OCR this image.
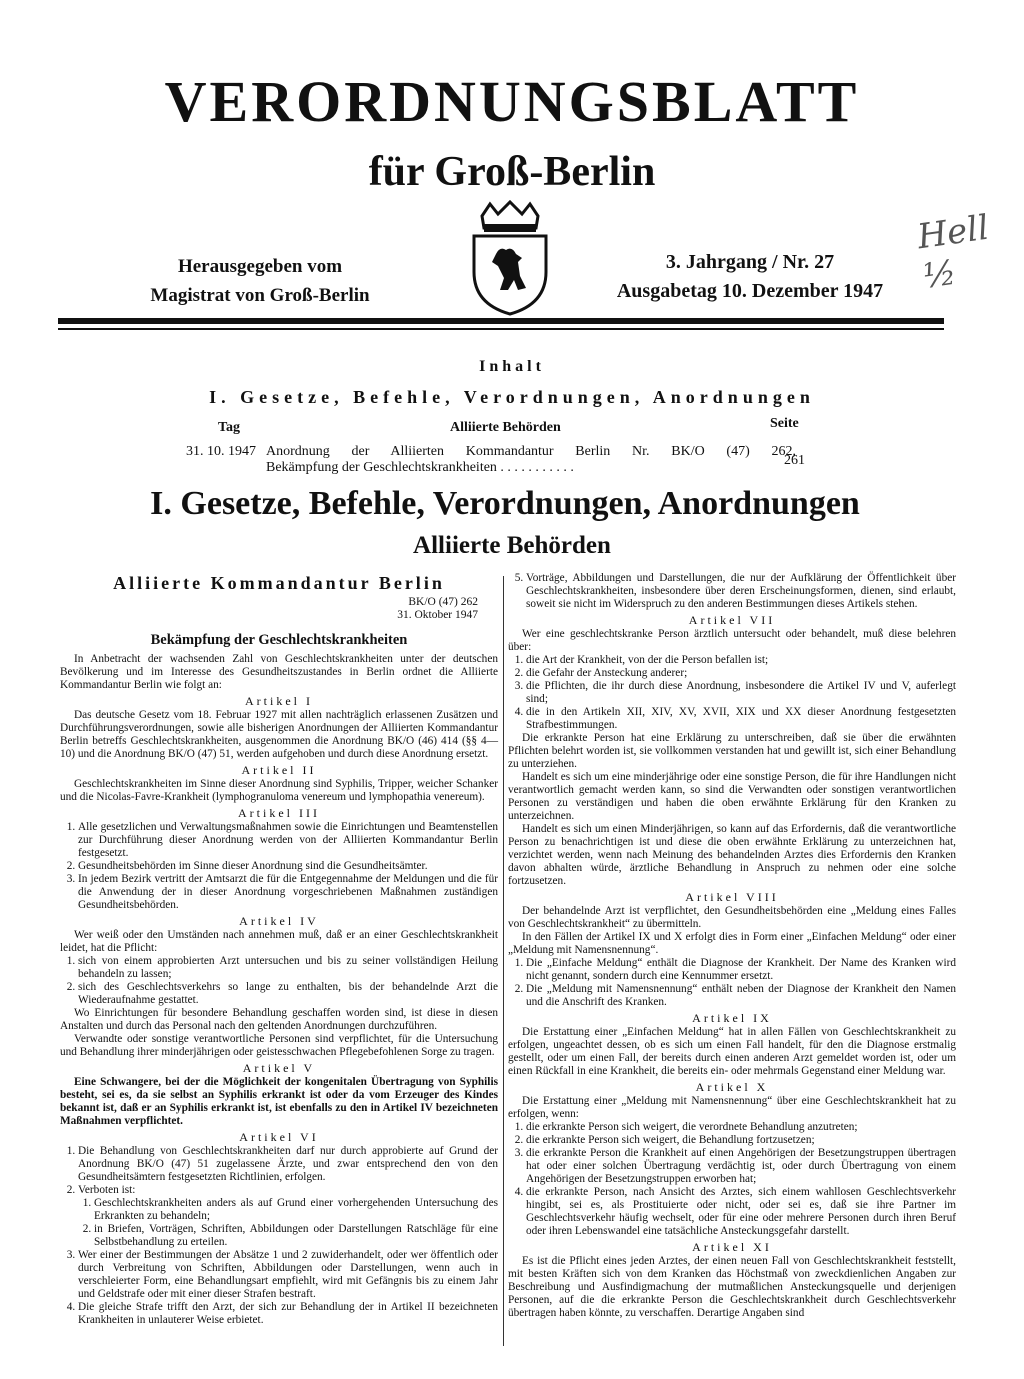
VERORDNUNGSBLATT
für Groß-Berlin
Herausgegeben vom
Magistrat von Groß-Berlin
3. Jahrgang / Nr. 27
Ausgabetag 10. Dezember 1947
Hell ½
Inhalt
I. Gesetze, Befehle, Verordnungen, Anordnungen
Tag	Alliierte Behörden	Seite
31. 10. 1947 Anordnung der Alliierten Kommandantur Berlin Nr. BK/O (47) 262,
Bekämpfung der Geschlechtskrankheiten . . . . . . . . . . .	261
I. Gesetze, Befehle, Verordnungen, Anordnungen
Alliierte Behörden
Alliierte Kommandantur Berlin
BK/O (47) 262
31. Oktober 1947
Bekämpfung der Geschlechtskrankheiten

In Anbetracht der wachsenden Zahl von Geschlechtskrankheiten unter der deutschen Bevölkerung und im Interesse des Gesundheitszustandes in Berlin ordnet die Alliierte Kommandantur Berlin wie folgt an:

Artikel I

Das deutsche Gesetz vom 18. Februar 1927 mit allen nachträglich erlassenen Zusätzen und Durchführungsverordnungen, sowie alle bisherigen Anordnungen der Alliierten Kommandantur Berlin betreffs Geschlechtskrankheiten, ausgenommen die Anordnung BK/O (46) 414 (§§ 4—10) und die Anordnung BK/O (47) 51, werden aufgehoben und durch diese Anordnung ersetzt.

Artikel II

Geschlechtskrankheiten im Sinne dieser Anordnung sind Syphilis, Tripper, weicher Schanker und die Nicolas-Favre-Krankheit (lymphogranuloma venereum und lymphopathia venereum).

Artikel III
1. Alle gesetzlichen und Verwaltungsmaßnahmen sowie die Einrichtungen und Beamtenstellen zur Durchführung dieser Anordnung werden von der Alliierten Kommandantur Berlin festgesetzt.
2. Gesundheitsbehörden im Sinne dieser Anordnung sind die Gesundheitsämter.
3. In jedem Bezirk vertritt der Amtsarzt die für die Entgegennahme der Meldungen und die für die Anwendung der in dieser Anordnung vorgeschriebenen Maßnahmen zuständigen Gesundheitsbehörden.
Artikel IV

Wer weiß oder den Umständen nach annehmen muß, daß er an einer Geschlechtskrankheit leidet, hat die Pflicht:

1. sich von einem approbierten Arzt untersuchen und bis zu seiner vollständigen Heilung behandeln zu lassen;
2. sich des Geschlechtsverkehrs so lange zu enthalten, bis der behandelnde Arzt die Wiederaufnahme gestattet.

Wo Einrichtungen für besondere Behandlung geschaffen worden sind, ist diese in diesen Anstalten und durch das Personal nach den geltenden Anordnungen durchzuführen.

Verwandte oder sonstige verantwortliche Personen sind verpflichtet, für die Untersuchung und Behandlung ihrer minderjährigen oder geistesschwachen Pflegebefohlenen Sorge zu tragen.

Artikel V

Eine Schwangere, bei der die Möglichkeit der kongenitalen Übertragung von Syphilis besteht, sei es, da sie selbst an Syphilis erkrankt ist oder da vom Erzeuger des Kindes bekannt ist, daß er an Syphilis erkrankt ist, ist ebenfalls zu den in Artikel IV bezeichneten Maßnahmen verpflichtet.

Artikel VI
1. Die Behandlung von Geschlechtskrankheiten darf nur durch approbierte auf Grund der Anordnung BK/O (47) 51 zugelassene Ärzte, und zwar entsprechend den von den Gesundheitsämtern festgesetzten Richtlinien, erfolgen.
2. Verboten ist:
1. Geschlechtskrankheiten anders als auf Grund einer vorhergehenden Untersuchung des Erkrankten zu behandeln;
2. in Briefen, Vorträgen, Schriften, Abbildungen oder Darstellungen Ratschläge für eine Selbstbehandlung zu erteilen.
3. Wer einer der Bestimmungen der Absätze 1 und 2 zuwiderhandelt, oder wer öffentlich oder durch Verbreitung von Schriften, Abbildungen oder Darstellungen, wenn auch in verschleierter Form, eine Behandlungsart empfiehlt, wird mit Gefängnis bis zu einem Jahr und Geldstrafe oder mit einer dieser Strafen bestraft.
4. Die gleiche Strafe trifft den Arzt, der sich zur Behandlung der in Artikel II bezeichneten Krankheiten in unlauterer Weise erbietet.
5. Vorträge, Abbildungen und Darstellungen, die nur der Aufklärung der Öffentlichkeit über Geschlechtskrankheiten, insbesondere über deren Erscheinungsformen, dienen, sind erlaubt, soweit sie nicht im Widerspruch zu den anderen Bestimmungen dieses Artikels stehen.
Artikel VII

Wer eine geschlechtskranke Person ärztlich untersucht oder behandelt, muß diese belehren über:

1. die Art der Krankheit, von der die Person befallen ist;
2. die Gefahr der Ansteckung anderer;
3. die Pflichten, die ihr durch diese Anordnung, insbesondere die Artikel IV und V, auferlegt sind;
4. die in den Artikeln XII, XIV, XV, XVII, XIX und XX dieser Anordnung festgesetzten Strafbestimmungen.

Die erkrankte Person hat eine Erklärung zu unterschreiben, daß sie über die erwähnten Pflichten belehrt worden ist, sie vollkommen verstanden hat und gewillt ist, sich einer Behandlung zu unterziehen.

Handelt es sich um eine minderjährige oder eine sonstige Person, die für ihre Handlungen nicht verantwortlich gemacht werden kann, so sind die Verwandten oder sonstigen verantwortlichen Personen zu verständigen und haben die oben erwähnte Erklärung für den Kranken zu unterzeichnen.

Handelt es sich um einen Minderjährigen, so kann auf das Erfordernis, daß die verantwortliche Person zu benachrichtigen ist und diese die oben erwähnte Erklärung zu unterzeichnen hat, verzichtet werden, wenn nach Meinung des behandelnden Arztes dies Erfordernis den Kranken davon abhalten würde, ärztliche Behandlung in Anspruch zu nehmen oder eine solche fortzusetzen.

Artikel VIII

Der behandelnde Arzt ist verpflichtet, den Gesundheitsbehörden eine „Meldung eines Falles von Geschlechtskrankheit“ zu übermitteln.

In den Fällen der Artikel IX und X erfolgt dies in Form einer „Einfachen Meldung“ oder einer „Meldung mit Namensnennung“.

1. Die „Einfache Meldung“ enthält die Diagnose der Krankheit. Der Name des Kranken wird nicht genannt, sondern durch eine Kennummer ersetzt.
2. Die „Meldung mit Namensnennung“ enthält neben der Diagnose der Krankheit den Namen und die Anschrift des Kranken.
Artikel IX

Die Erstattung einer „Einfachen Meldung“ hat in allen Fällen von Geschlechtskrankheit zu erfolgen, ungeachtet dessen, ob es sich um einen Fall handelt, für den die Diagnose erstmalig gestellt, oder um einen Fall, der bereits durch einen anderen Arzt gemeldet worden ist, oder um einen Rückfall in eine Krankheit, die bereits ein- oder mehrmals Gegenstand einer Meldung war.

Artikel X

Die Erstattung einer „Meldung mit Namensnennung“ über eine Geschlechtskrankheit hat zu erfolgen, wenn:

1. die erkrankte Person sich weigert, die verordnete Behandlung anzutreten;
2. die erkrankte Person sich weigert, die Behandlung fortzusetzen;
3. die erkrankte Person die Krankheit auf einen Angehörigen der Besetzungstruppen übertragen hat oder einer solchen Übertragung verdächtig ist, oder durch Übertragung von einem Angehörigen der Besetzungstruppen erworben hat;
4. die erkrankte Person, nach Ansicht des Arztes, sich einem wahllosen Geschlechtsverkehr hingibt, sei es, als Prostituierte oder nicht, oder sei es, daß sie ihre Partner im Geschlechtsverkehr häufig wechselt, oder für eine oder mehrere Personen durch ihren Beruf oder ihren Lebenswandel eine tatsächliche Ansteckungsgefahr darstellt.
Artikel XI

Es ist die Pflicht eines jeden Arztes, der einen neuen Fall von Geschlechtskrankheit feststellt, mit besten Kräften sich von dem Kranken das Höchstmaß von zweckdienlichen Angaben zur Beschreibung und Ausfindigmachung der mutmaßlichen Ansteckungsquelle und derjenigen Personen, auf die die erkrankte Person die Geschlechtskrankheit durch Geschlechtsverkehr übertragen haben könnte, zu verschaffen. Derartige Angaben sind
